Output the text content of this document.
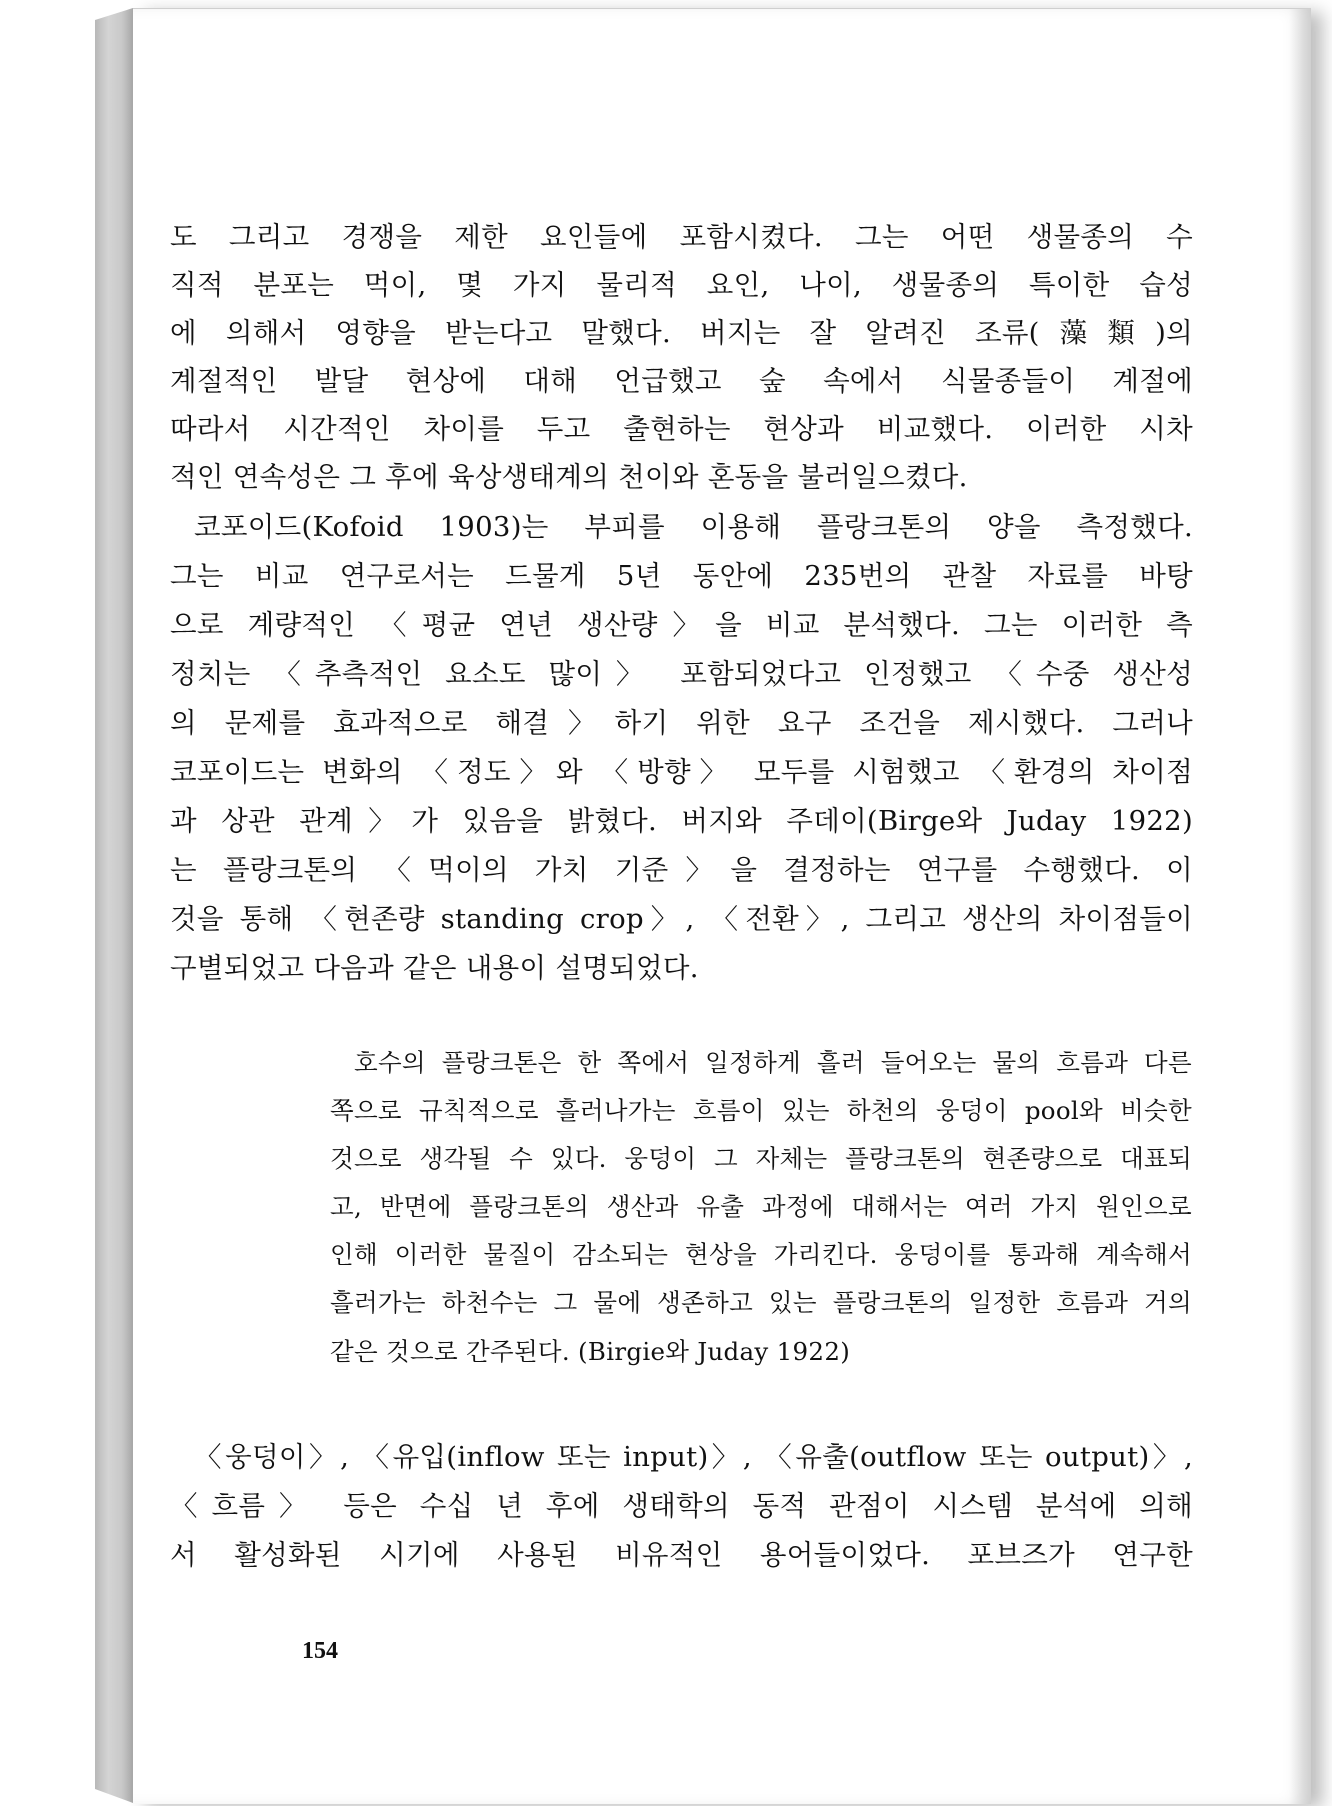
도 그리고 경쟁을 제한 요인들에 포함시켰다. 그는 어떤 생물종의 수
직적 분포는 먹이, 몇 가지 물리적 요인, 나이, 생물종의 특이한 습성
에 의해서 영향을 받는다고 말했다. 버지는 잘 알려진 조류(藻類)의
계절적인 발달 현상에 대해 언급했고 숲 속에서 식물종들이 계절에
따라서 시간적인 차이를 두고 출현하는 현상과 비교했다. 이러한 시차
적인 연속성은 그 후에 육상생태계의 천이와 혼동을 불러일으켰다.
코포이드(Kofoid 1903)는 부피를 이용해 플랑크톤의 양을 측정했다.
그는 비교 연구로서는 드물게 5년 동안에 235번의 관찰 자료를 바탕
으로 계량적인 〈평균 연년 생산량〉을 비교 분석했다. 그는 이러한 측
정치는 〈추측적인 요소도 많이〉 포함되었다고 인정했고 〈수중 생산성
의 문제를 효과적으로 해결〉하기 위한 요구 조건을 제시했다. 그러나
코포이드는 변화의 〈정도〉와 〈방향〉 모두를 시험했고 〈환경의 차이점
과 상관 관계〉가 있음을 밝혔다. 버지와 주데이(Birge와 Juday 1922)
는 플랑크톤의 〈먹이의 가치 기준〉을 결정하는 연구를 수행했다. 이
것을 통해 〈현존량 standing crop〉, 〈전환〉, 그리고 생산의 차이점들이
구별되었고 다음과 같은 내용이 설명되었다.
호수의 플랑크톤은 한 쪽에서 일정하게 흘러 들어오는 물의 흐름과 다른
쪽으로 규칙적으로 흘러나가는 흐름이 있는 하천의 웅덩이 pool와 비슷한
것으로 생각될 수 있다. 웅덩이 그 자체는 플랑크톤의 현존량으로 대표되
고, 반면에 플랑크톤의 생산과 유출 과정에 대해서는 여러 가지 원인으로
인해 이러한 물질이 감소되는 현상을 가리킨다. 웅덩이를 통과해 계속해서
흘러가는 하천수는 그 물에 생존하고 있는 플랑크톤의 일정한 흐름과 거의
같은 것으로 간주된다. (Birgie와 Juday 1922)
〈웅덩이〉, 〈유입(inflow 또는 input)〉, 〈유출(outflow 또는 output)〉,
〈흐름〉 등은 수십 년 후에 생태학의 동적 관점이 시스템 분석에 의해
서 활성화된 시기에 사용된 비유적인 용어들이었다. 포브즈가 연구한
154
